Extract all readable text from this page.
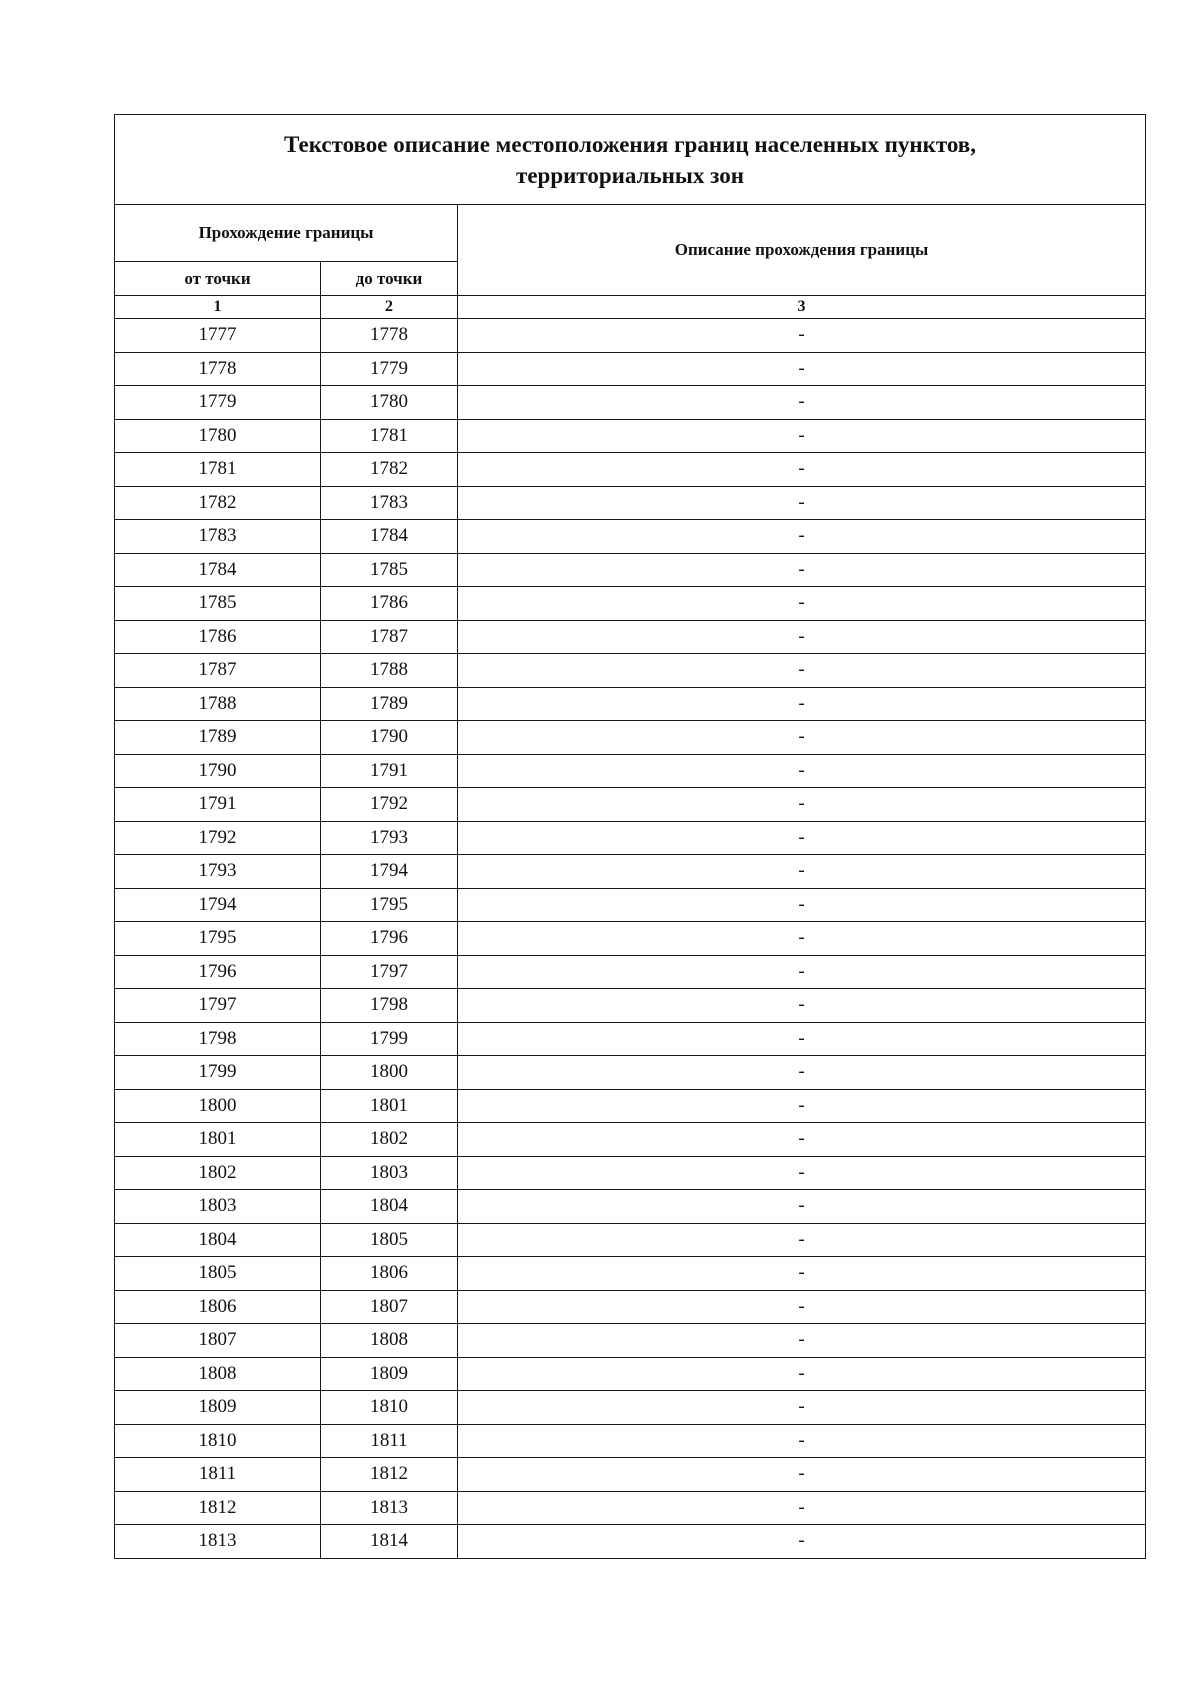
Текстовое описание местоположения границ населенных пунктов,
территориальных зон		

Прохождение границы		Описание прохождения границы
от точки	до точки	
1	2	3
1777	1778	-
1778	1779	-
1779	1780	-
1780	1781	-
1781	1782	-
1782	1783	-
1783	1784	-
1784	1785	-
1785	1786	-
1786	1787	-
1787	1788	-
1788	1789	-
1789	1790	-
1790	1791	-
1791	1792	-
1792	1793	-
1793	1794	-
1794	1795	-
1795	1796	-
1796	1797	-
1797	1798	-
1798	1799	-
1799	1800	-
1800	1801	-
1801	1802	-
1802	1803	-
1803	1804	-
1804	1805	-
1805	1806	-
1806	1807	-
1807	1808	-
1808	1809	-
1809	1810	-
1810	1811	-
1811	1812	-
1812	1813	-
1813	1814	-
